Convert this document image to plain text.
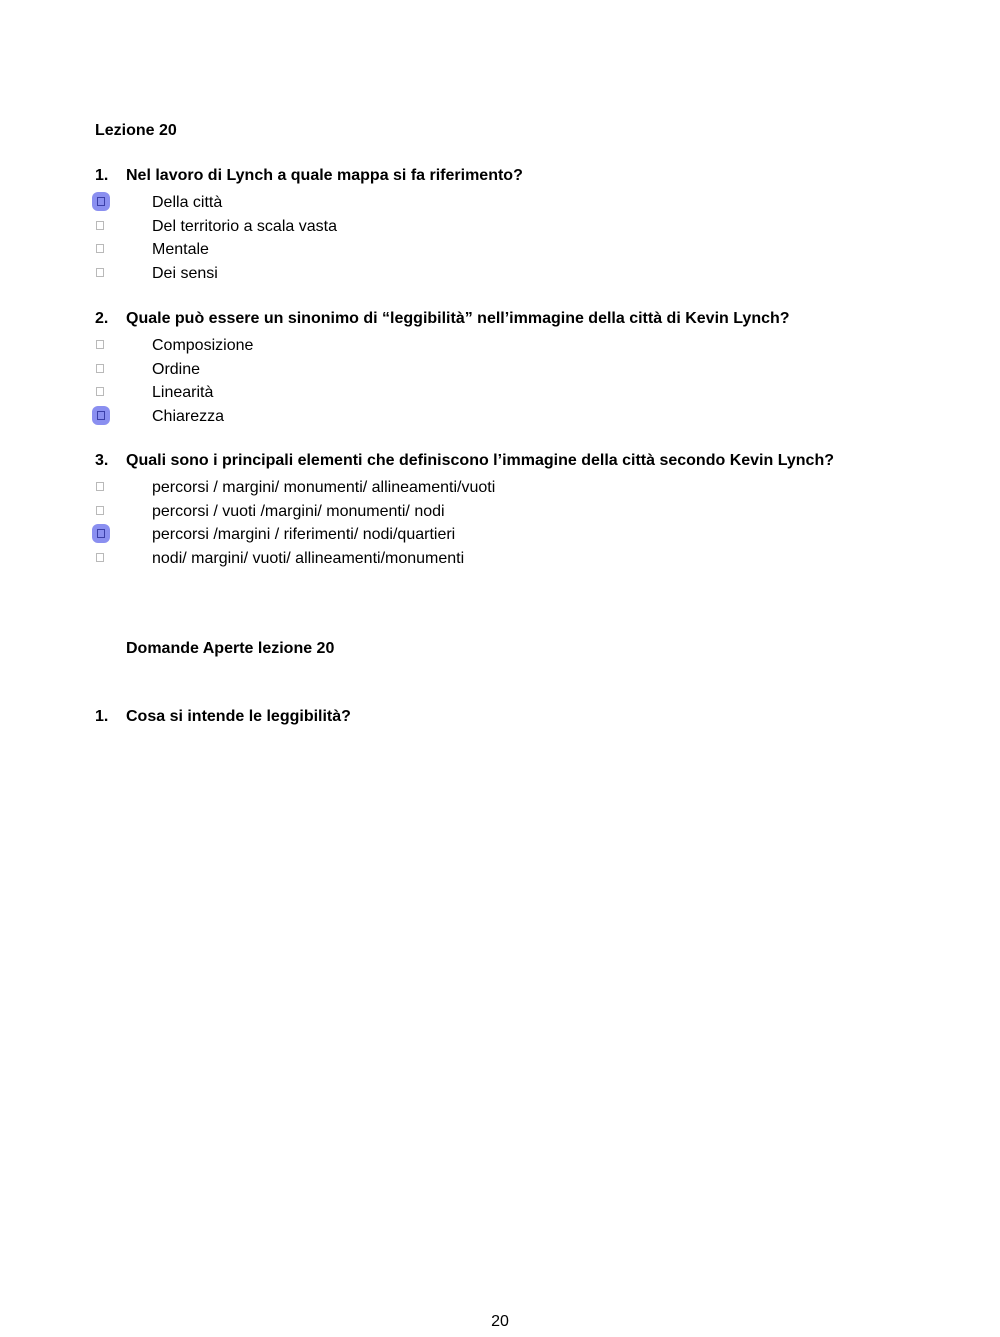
Lezione 20
1. Nel lavoro di Lynch a quale mappa si fa riferimento?
Della città
Del territorio a scala vasta
Mentale
Dei sensi
2. Quale può essere un sinonimo di “leggibilità” nell’immagine della città di Kevin Lynch?
Composizione
Ordine
Linearità
Chiarezza
3. Quali sono i principali elementi che definiscono l’immagine della città secondo Kevin Lynch?
percorsi / margini/ monumenti/ allineamenti/vuoti
percorsi / vuoti /margini/ monumenti/ nodi
percorsi /margini / riferimenti/ nodi/quartieri
nodi/ margini/ vuoti/ allineamenti/monumenti
Domande Aperte lezione 20
1. Cosa si intende le leggibilità?
20
